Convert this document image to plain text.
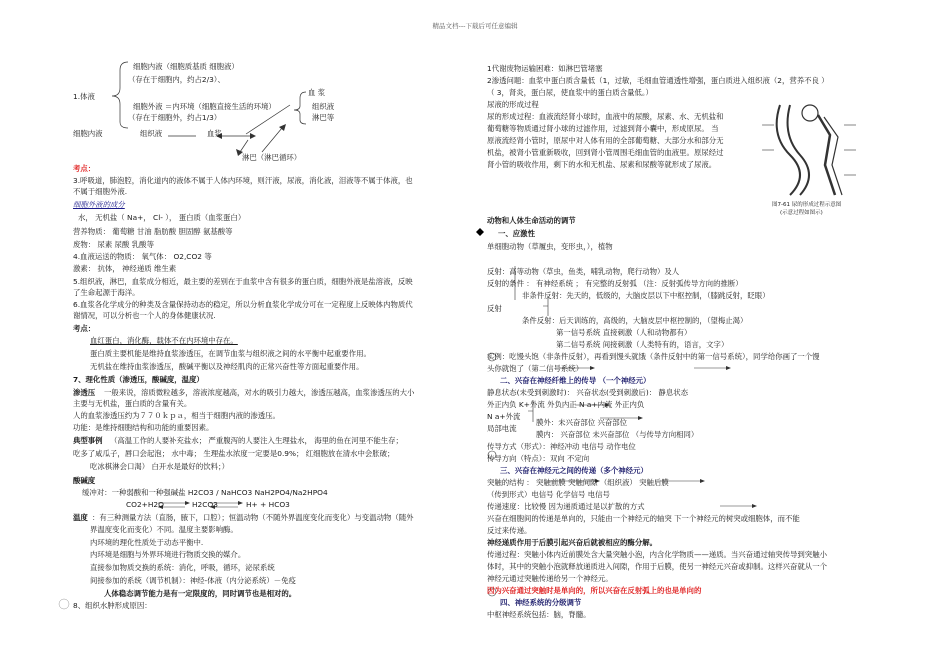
精品文档---下载后可任意编辑
细胞内液（细胞质基质 细胞液）
（存在于细胞内，约占2/3）、
1.体液	血 浆
细胞外液 ＝内环境（细胞直接生活的环境）	组织液
（存在于细胞外，约占1/3）	淋巴等
细胞内液	组织液	血浆
淋巴（淋巴循环）
考点：
3.呼吸道，肺泡腔，消化道内的液体不属于人体内环境，则汗液，尿液，消化液，泪液等不属于体液，也
不属于细胞外液.
细胞外液的成分
水， 无机盐（ Na+， Cl- ）， 蛋白质（血浆蛋白）
营养物质： 葡萄糖 甘油 脂肪酸 胆固醇 氨基酸等
废物： 尿素 尿酸 乳酸等
4.血液运送的物质： 氧气体： O2,CO2 等
激素： 抗体， 神经递质 维生素
5.组织液，淋巴，血浆成分相近，最主要的差别在于血浆中含有很多的蛋白质，细胞外液是盐溶液，反映
了生命起源于海洋。
6.血浆各化学成分的种类及含量保持动态的稳定，所以分析血浆化学成分可在一定程度上反映体内物质代
谢情况，可以分析也一个人的身体健康状况.
考点：
血红蛋白，消化酶，载体不在内环境中存在。
蛋白质主要机能是维持血浆渗透压，在调节血浆与组织液之间的水平衡中起重要作用。
无机盐在维持血浆渗透压，酸碱平衡以及神经肌肉的正常兴奋性等方面起重要作用。
7、理化性质（渗透压，酸碱度，温度）
渗透压 一般来说，溶质微粒越多，溶液浓度越高，对水的吸引力越大，渗透压越高，血浆渗透压的大小
主要与无机盐，蛋白质的含量有关。
人的血浆渗透压约为７７０ｋｐａ，相当于细胞内液的渗透压。
功能：是维持细胞结构和功能的重要因素。
典型事例 （高温工作的人要补充盐水； 严重腹泻的人要注入生理盐水， 海里的鱼在河里不能生存；
吃多了咸瓜子，唇口会起泡； 水中毒； 生理盐水浓度一定要是0.9%； 红细胞放在清水中会胀破；
吃冰棋淋会口渴） 白开水是最好的饮料；）
酸碱度
缓冲对：一种弱酸和一种强碱盐 H2CO3 / NaHCO3 NaH2PO4/Na2HPO4
CO2+H2O	H2CO3	H+ + HCO3
温度 ：有三种测量方法（直肠，腋下，口腔）；恒温动物（不随外界温度变化而变化）与变温动物（随外
界温度变化而变化）不同。温度主要影响酶。
内环境的理化性质处于动态平衡中.
内环境是细胞与外界环境进行物质交换的媒介。
直接参加物质交换的系统：消化，呼吸，循环，泌尿系统
间接参加的系统（调节机制）：神经-体液（内分泌系统）－免疫
人体稳态调节能力是有一定限度的，同时调节也是相对的。
8、组织水肿形成原因：
1代谢废物运输困难：如淋巴管堵塞
2渗透问题：血浆中蛋白质含量低（1，过敏，毛细血管通透性增强，蛋白质进入组织液（2，营养不良 ）
（ 3，肾炎，蛋白尿，使血浆中的蛋白质含量低。）
尿液的形成过程
尿的形成过程：血液流经肾小球时，血液中的尿酸，尿素、水、无机盐和
葡萄糖等物质通过肾小球的过滤作用，过滤到肾小囊中，形成原尿。 当
原液流经肾小管时，原尿中对人体有用的全部葡萄糖、大部分水和部分无
机盐，被肾小管重新吸收，回到肾小管周围毛细血管的血液里。原尿经过
肾小管的吸收作用，剩下的水和无机盐、尿素和尿酸等就形成了尿液。
图7-61 尿的形成过程示意图
(示意过程如图示)
动物和人体生命活动的调节
单细胞动物（草履虫，变形虫，），植物
一、应激性
反射：高等动物（草虫，鱼类，哺乳动物，爬行动物）及人
反射的条件 ： 有神经系统 ； 有完整的反射弧 （注：反射弧传导方向的推断）
非条件反射：先天的，低级的，大脑皮层以下中枢控制，（膝跳反射，眨眼）
反射
条件反射：后天训练的，高级的，大脑皮层中枢控制的，（望梅止渴）
第一信号系统 直接刺激（人和动物都有）
第二信号系统 间接刺激（人类特有的，语言，文字）
实例：吃馒头饱（非条件反射），再看到馒头就饿（条件反射中的第一信号系统），同学给你画了一个馒
头你就饱了（第二信号系统）
二、兴奋在神经纤维上的传导 （一个神经元）
静息状态(未受到刺激时)： 兴奋状态(受到刺激后)： 静息状态
外正内负 K+外流 外负内正 N a+内流 外正内负
N a+外流
局部电流
膜外：未兴奋部位 兴奋部位
膜内： 兴奋部位 未兴奋部位 （与传导方向相同）
传导方式（形式）：神经冲动 电信号 动作电位
传导方向（特点）：双向 不定向
三、兴奋在神经元之间的传递（多个神经元）
突触的结构 ： 突触前膜 突触间隙 （组织液） 突触后膜
（传到形式）电信号 化学信号 电信号
传递速度：比较慢 因为递质通过是以扩散的方式
兴奋在细胞间的传递是单向的，只能由一个神经元的轴突 下一个神经元的树突或细胞体，而不能
反过来传递。
神经递质作用于后膜引起兴奋后就被相应的酶分解。
传递过程：突触小体内近前膜处含大量突触小泡，内含化学物质——递质。当兴奋通过轴突传导到突触小
体时，其中的突触小泡就释放递质进入间隙，作用于后膜，使另一神经元兴奋或抑制。这样兴奋就从一个
神经元通过突触传递给另一个神经元。
因为兴奋通过突触时是单向的，所以兴奋在反射弧上的也是单向的
四、神经系统的分级调节
中枢神经系统包括：脑，脊髓。
